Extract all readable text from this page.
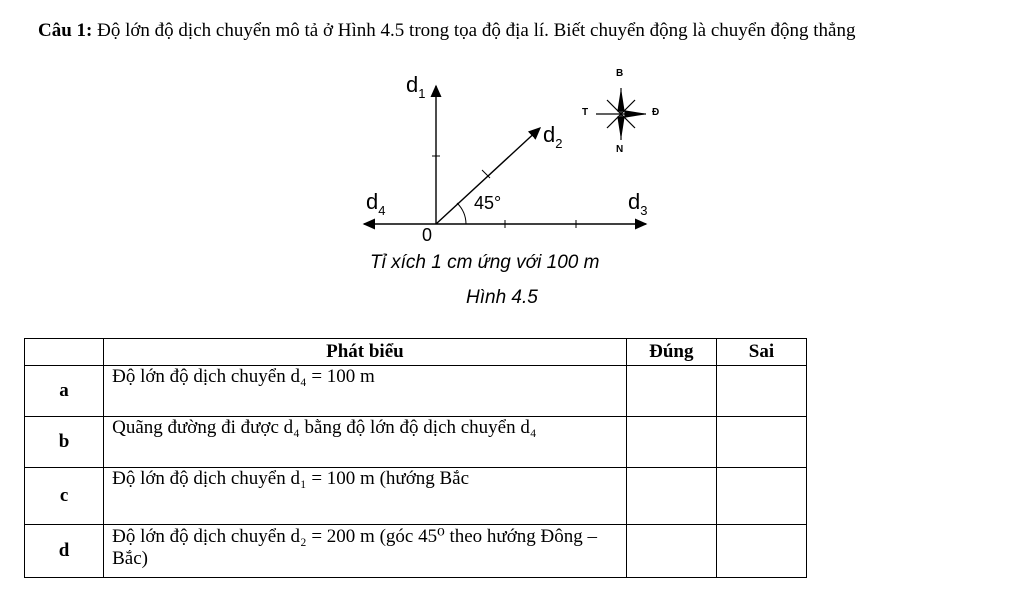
Câu 1: Độ lớn độ dịch chuyển mô tả ở Hình 4.5 trong tọa độ địa lí. Biết chuyển động là chuyển động thẳng
$d_1$
$d_2$
$d_3$
$d_4$	45°
0
B
N
Đ
T
Tỉ xích 1 cm ứng với 100 m
Hình 4.5
	Phát biểu	Đúng	Sai
a	Độ lớn độ dịch chuyển d₄ = 100 m		
b	Quãng đường đi được d₄ bằng độ lớn độ dịch chuyển d₄		
c	Độ lớn độ dịch chuyển d₁ = 100 m (hướng Bắc		
d	Độ lớn độ dịch chuyển d₂ = 200 m (góc 45⁰ theo hướng Đông – Bắc)		
